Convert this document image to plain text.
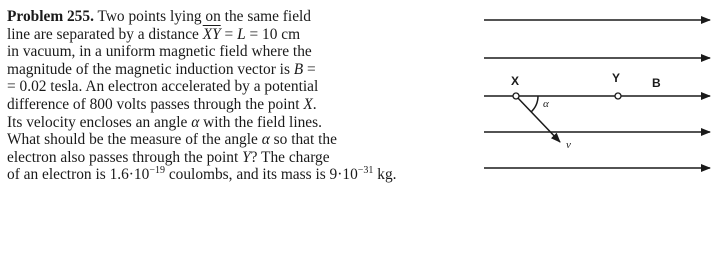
Problem 255. Two points lying on the same field
line are separated by a distance $\overline{XY} = L = 10$ cm
in vacuum, in a uniform magnetic field where the
magnitude of the magnetic induction vector is B =
= 0.02 tesla. An electron accelerated by a potential
difference of 800 volts passes through the point X.
Its velocity encloses an angle α with the field lines.
What should be the measure of the angle α so that the
electron also passes through the point Y? The charge
of an electron is $1.6\cdot 10^{-19}$ coulombs, and its mass is $9\cdot 10^{-31}$ kg.
X	Y	B
α
v
